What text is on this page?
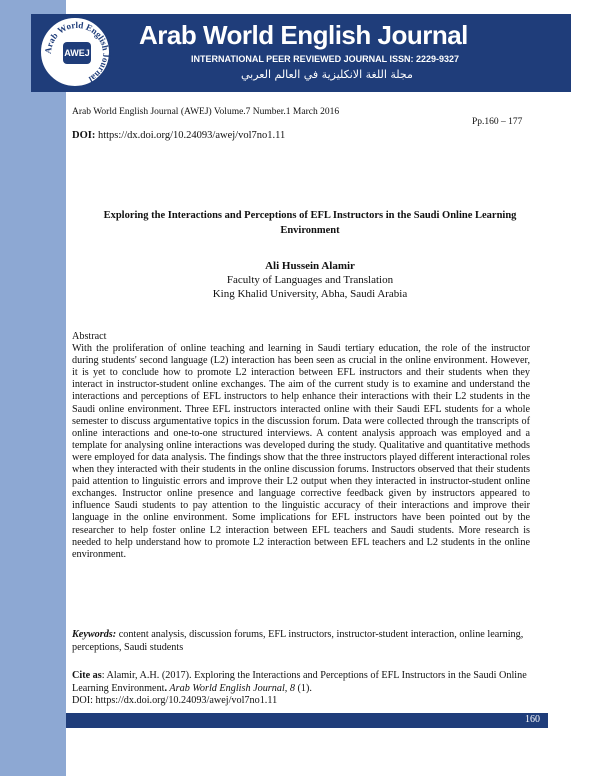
Arab World English Journal
AWEJ
Arab World English Journal
INTERNATIONAL PEER REVIEWED JOURNAL ISSN: 2229-9327
مجلة اللغة الانكليزية في العالم العربي
Arab World English Journal (AWEJ) Volume.7 Number.1 March 2016
Pp.160 – 177
DOI: https://dx.doi.org/10.24093/awej/vol7no1.11
Exploring the Interactions and Perceptions of EFL Instructors in the Saudi Online Learning Environment
Ali Hussein Alamir
Faculty of Languages and Translation
King Khalid University, Abha, Saudi Arabia
Abstract
With the proliferation of online teaching and learning in Saudi tertiary education, the role of the instructor during students' second language (L2) interaction has been seen as crucial in the online environment. However, it is yet to conclude how to promote L2 interaction between EFL instructors and their students when they interact in instructor-student online exchanges. The aim of the current study is to examine and understand the interactions and perceptions of EFL instructors to help enhance their interactions with their L2 students in the Saudi online environment. Three EFL instructors interacted online with their Saudi EFL students for a whole semester to discuss argumentative topics in the discussion forum. Data were collected through the transcripts of online interactions and one-to-one structured interviews. A content analysis approach was employed and a template for analysing online interactions was developed during the study. Qualitative and quantitative methods were employed for data analysis. The findings show that the three instructors played different interactional roles when they interacted with their students in the online discussion forums. Instructors observed that their students paid attention to linguistic errors and improve their L2 output when they interacted in instructor-student online exchanges. Instructor online presence and language corrective feedback given by instructors appeared to influence Saudi students to pay attention to the linguistic accuracy of their interactions and improve their language in the online environment. Some implications for EFL instructors have been pointed out by the researcher to help foster online L2 interaction between EFL teachers and Saudi students. More research is needed to help understand how to promote L2 interaction between EFL teachers and L2 students in the online environment.
Keywords: content analysis, discussion forums, EFL instructors, instructor-student interaction, online learning, perceptions, Saudi students
Cite as: Alamir, A.H. (2017). Exploring the Interactions and Perceptions of EFL Instructors in the Saudi Online Learning Environment. Arab World English Journal, 8 (1).
DOI: https://dx.doi.org/10.24093/awej/vol7no1.11
160
